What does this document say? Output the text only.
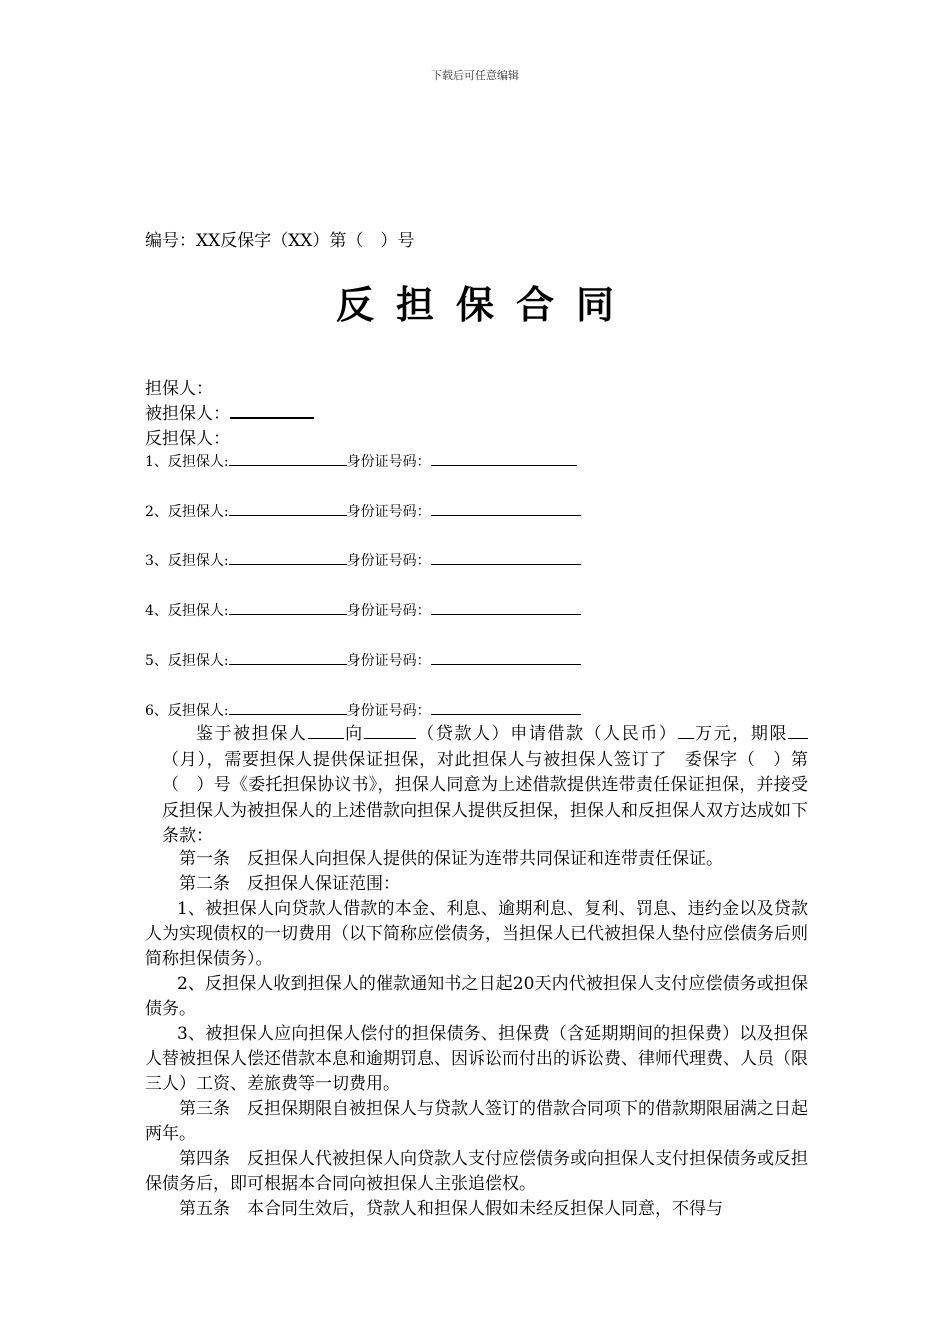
下载后可任意编辑
编号：XX反保字（XX）第（　）号
反担保合同
担保人：
被担保人：
反担保人：
1、反担保人:	身份证号码：
2、反担保人:	身份证号码：
3、反担保人:	身份证号码：
4、反担保人:	身份证号码：
5、反担保人:	身份证号码：
6、反担保人:	身份证号码：
鉴于被担保人 向	（贷款人）申请借款（人民币） 万元，期限（月），需要担保人提供保证担保，对此担保人与被担保人签订了　委保字（　）第（　）号《委托担保协议书》，担保人同意为上述借款提供连带责任保证担保，并接受反担保人为被担保人的上述借款向担保人提供反担保，担保人和反担保人双方达成如下条款：

第一条　反担保人向担保人提供的保证为连带共同保证和连带责任保证。

第二条　反担保人保证范围：

1、被担保人向贷款人借款的本金、利息、逾期利息、复利、罚息、违约金以及贷款人为实现债权的一切费用（以下简称应偿债务，当担保人已代被担保人垫付应偿债务后则简称担保债务）。

2、反担保人收到担保人的催款通知书之日起20天内代被担保人支付应偿债务或担保债务。

3、被担保人应向担保人偿付的担保债务、担保费（含延期期间的担保费）以及担保人替被担保人偿还借款本息和逾期罚息、因诉讼而付出的诉讼费、律师代理费、人员（限三人）工资、差旅费等一切费用。

第三条　反担保期限自被担保人与贷款人签订的借款合同项下的借款期限届满之日起两年。

第四条　反担保人代被担保人向贷款人支付应偿债务或向担保人支付担保债务或反担保债务后，即可根据本合同向被担保人主张追偿权。

第五条　本合同生效后，贷款人和担保人假如未经反担保人同意，不得与
